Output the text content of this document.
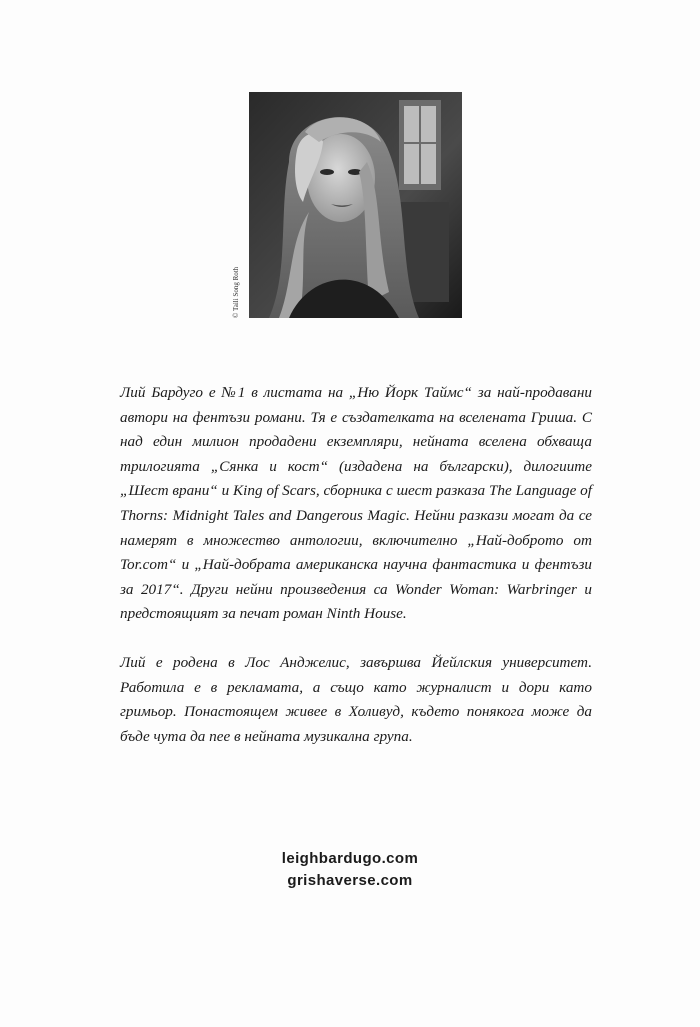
© Taili Song Roth

Лий Бардуго е №1 в листата на „Ню Йорк Таймс“ за най-продавани автори на фентъзи романи. Тя е създателката на вселената Гриша. С над един милион продадени екземпляри, нейната вселена обхваща трилогията „Сянка и кост“ (издадена на български), дилогиите „Шест врани“ и King of Scars, сборника с шест разказа The Language of Thorns: Midnight Tales and Dangerous Magic. Нейни разкази могат да се намерят в множество антологии, включително „Най-доброто от Tor.com“ и „Най-добрата американска научна фантастика и фентъзи за 2017“. Други нейни произведения са Wonder Woman: Warbringer и предстоящият за печат роман Ninth House.

Лий е родена в Лос Анджелис, завършва Йейлския университет. Работила е в рекламата, а също като журналист и дори като гримьор. Понастоящем живее в Холивуд, където понякога може да бъде чута да пее в нейната музикална група.

leighbardugo.com
grishaverse.com
